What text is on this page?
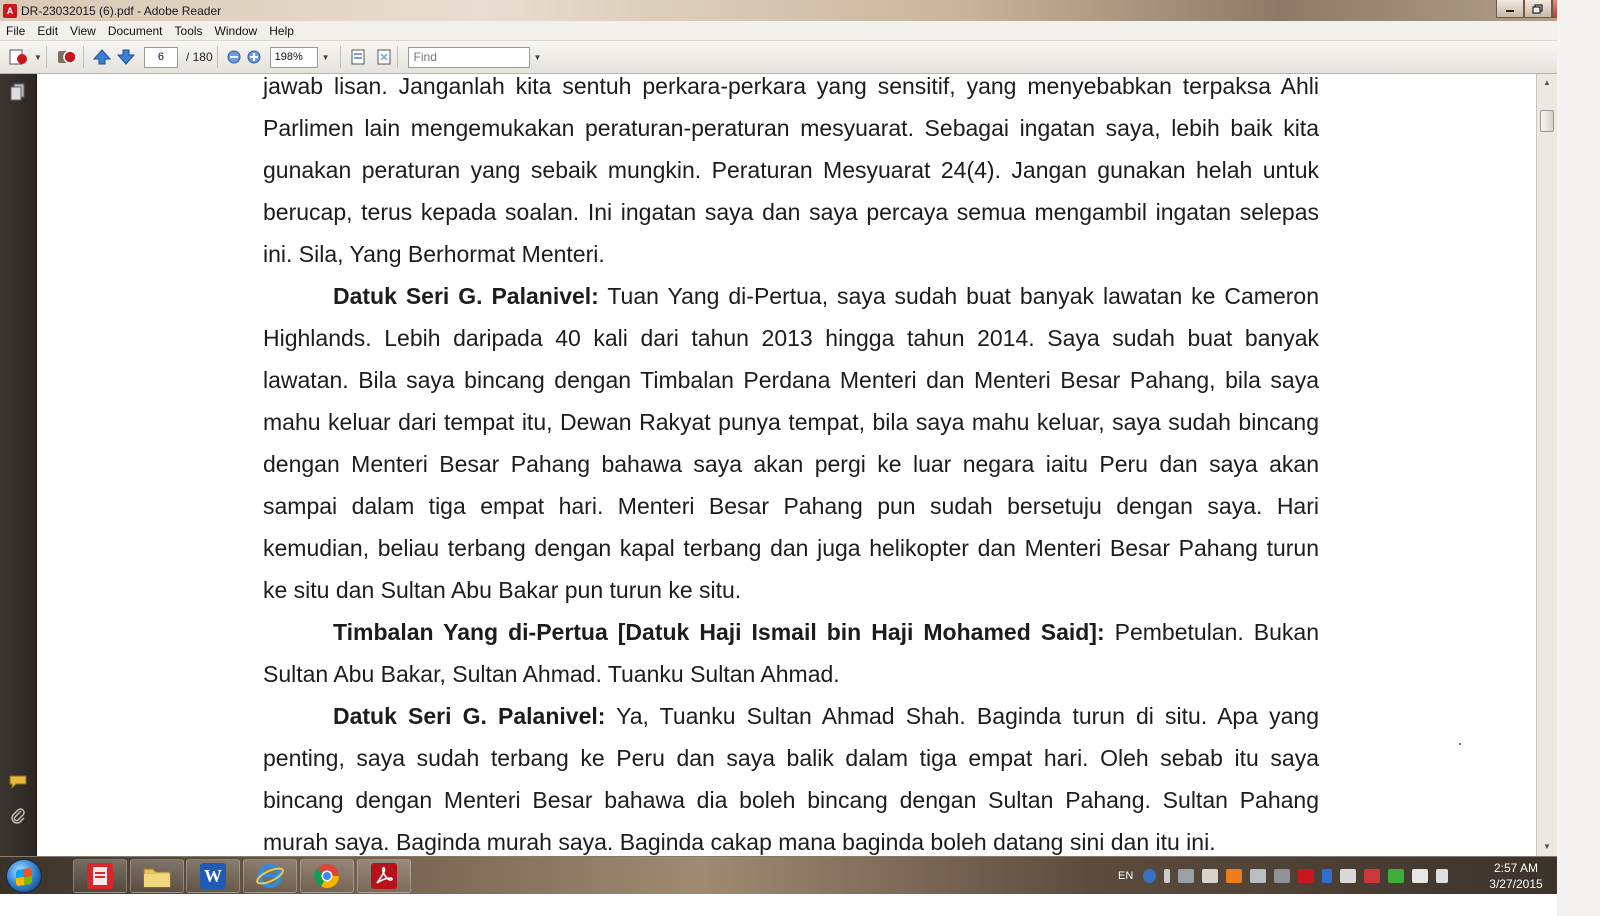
A DR-23032015 (6).pdf - Adobe Reader
File	Edit	View	Document	Tools	Window	Help
▼
6	/ 180
198%	▼
Find	▼

jawab lisan. Janganlah kita sentuh perkara-perkara yang sensitif, yang menyebabkan terpaksa Ahli Parlimen lain mengemukakan peraturan-peraturan mesyuarat. Sebagai ingatan saya, lebih baik kita gunakan peraturan yang sebaik mungkin. Peraturan Mesyuarat 24(4). Jangan gunakan helah untuk berucap, terus kepada soalan. Ini ingatan saya dan saya percaya semua mengambil ingatan selepas ini. Sila, Yang Berhormat Menteri.

Datuk Seri G. Palanivel: Tuan Yang di-Pertua, saya sudah buat banyak lawatan ke Cameron Highlands. Lebih daripada 40 kali dari tahun 2013 hingga tahun 2014. Saya sudah buat banyak lawatan. Bila saya bincang dengan Timbalan Perdana Menteri dan Menteri Besar Pahang, bila saya mahu keluar dari tempat itu, Dewan Rakyat punya tempat, bila saya mahu keluar, saya sudah bincang dengan Menteri Besar Pahang bahawa saya akan pergi ke luar negara iaitu Peru dan saya akan sampai dalam tiga empat hari. Menteri Besar Pahang pun sudah bersetuju dengan saya. Hari kemudian, beliau terbang dengan kapal terbang dan juga helikopter dan Menteri Besar Pahang turun ke situ dan Sultan Abu Bakar pun turun ke situ.

Timbalan Yang di-Pertua [Datuk Haji Ismail bin Haji Mohamed Said]: Pembetulan. Bukan Sultan Abu Bakar, Sultan Ahmad. Tuanku Sultan Ahmad.

Datuk Seri G. Palanivel: Ya, Tuanku Sultan Ahmad Shah. Baginda turun di situ. Apa yang penting, saya sudah terbang ke Peru dan saya balik dalam tiga empat hari. Oleh sebab itu saya bincang dengan Menteri Besar bahawa dia boleh bincang dengan Sultan Pahang. Sultan Pahang murah saya. Baginda murah saya. Baginda cakap mana baginda boleh datang sini dan itu ini.

▲
▼
W	EN
2:57 AM
3/27/2015
